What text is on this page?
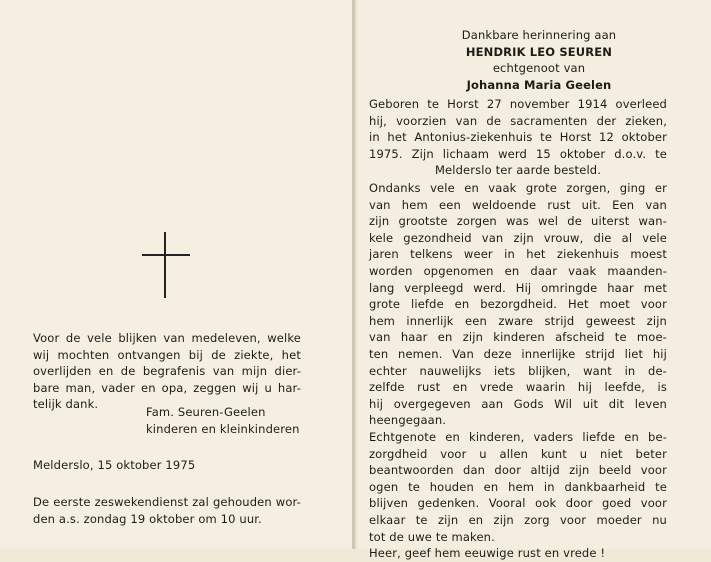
Voor de vele blijken van medeleven, welke
wij mochten ontvangen bij de ziekte, het
overlijden en de begrafenis van mijn dier-
bare man, vader en opa, zeggen wij u har-
telijk dank.
Fam. Seuren-Geelen
kinderen en kleinkinderen
Melderslo, 15 oktober 1975
De eerste zeswekendienst zal gehouden wor-
den a.s. zondag 19 oktober om 10 uur.
Dankbare herinnering aan
HENDRIK LEO SEUREN
echtgenoot van
Johanna Maria Geelen
Geboren te Horst 27 november 1914 overleed
hij, voorzien van de sacramenten der zieken,
in het Antonius-ziekenhuis te Horst 12 oktober
1975. Zijn lichaam werd 15 oktober d.o.v. te
Melderslo ter aarde besteld.
Ondanks vele en vaak grote zorgen, ging er
van hem een weldoende rust uit. Een van
zijn grootste zorgen was wel de uiterst wan-
kele gezondheid van zijn vrouw, die al vele
jaren telkens weer in het ziekenhuis moest
worden opgenomen en daar vaak maanden-
lang verpleegd werd. Hij omringde haar met
grote liefde en bezorgdheid. Het moet voor
hem innerlijk een zware strijd geweest zijn
van haar en zijn kinderen afscheid te moe-
ten nemen. Van deze innerlijke strijd liet hij
echter nauwelijks iets blijken, want in de-
zelfde rust en vrede waarin hij leefde, is
hij overgegeven aan Gods Wil uit dit leven
heengegaan.
Echtgenote en kinderen, vaders liefde en be-
zorgdheid voor u allen kunt u niet beter
beantwoorden dan door altijd zijn beeld voor
ogen te houden en hem in dankbaarheid te
blijven gedenken. Vooral ook door goed voor
elkaar te zijn en zijn zorg voor moeder nu
tot de uwe te maken.
Heer, geef hem eeuwige rust en vrede !
